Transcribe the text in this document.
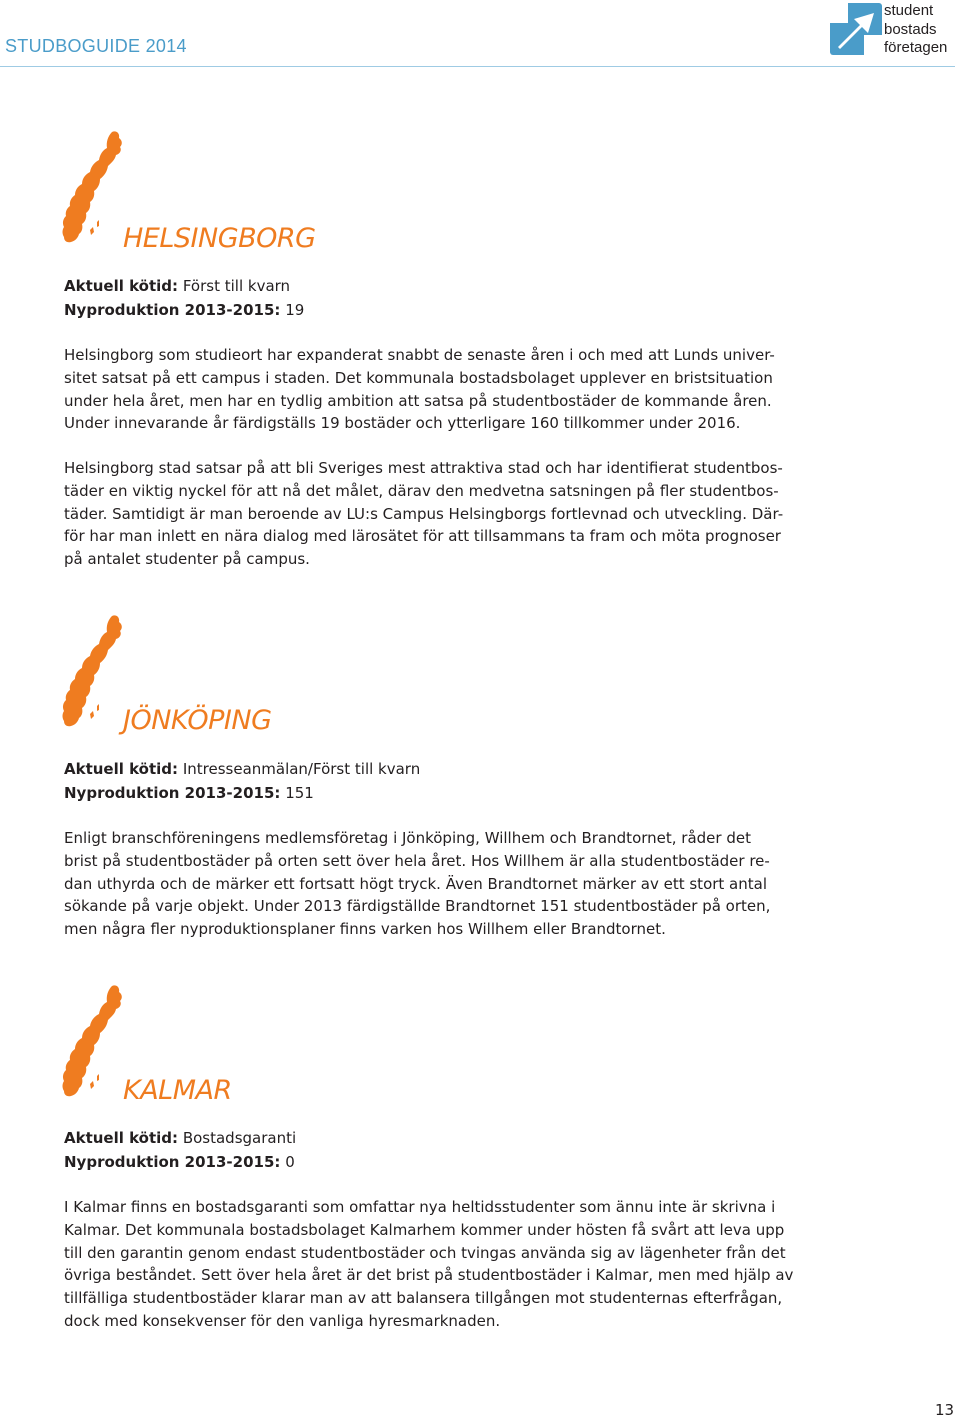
STUDBOGUIDE 2014
student
bostads
företagen
HELSINGBORG
Aktuell kötid: Först till kvarn
Nyproduktion 2013-2015: 19

Helsingborg som studieort har expanderat snabbt de senaste åren i och med att Lunds univer-
sitet satsat på ett campus i staden. Det kommunala bostadsbolaget upplever en bristsituation
under hela året, men har en tydlig ambition att satsa på studentbostäder de kommande åren.
Under innevarande år färdigställs 19 bostäder och ytterligare 160 tillkommer under 2016.

Helsingborg stad satsar på att bli Sveriges mest attraktiva stad och har identifierat studentbos-
täder en viktig nyckel för att nå det målet, därav den medvetna satsningen på fler studentbos-
täder. Samtidigt är man beroende av LU:s Campus Helsingborgs fortlevnad och utveckling. Där-
för har man inlett en nära dialog med lärosätet för att tillsammans ta fram och möta prognoser
på antalet studenter på campus.

JÖNKÖPING
Aktuell kötid: Intresseanmälan/Först till kvarn
Nyproduktion 2013-2015: 151

Enligt branschföreningens medlemsföretag i Jönköping, Willhem och Brandtornet, råder det
brist på studentbostäder på orten sett över hela året. Hos Willhem är alla studentbostäder re-
dan uthyrda och de märker ett fortsatt högt tryck. Även Brandtornet märker av ett stort antal
sökande på varje objekt. Under 2013 färdigställde Brandtornet 151 studentbostäder på orten,
men några fler nyproduktionsplaner finns varken hos Willhem eller Brandtornet.

KALMAR
Aktuell kötid: Bostadsgaranti
Nyproduktion 2013-2015: 0

I Kalmar finns en bostadsgaranti som omfattar nya heltidsstudenter som ännu inte är skrivna i
Kalmar. Det kommunala bostadsbolaget Kalmarhem kommer under hösten få svårt att leva upp
till den garantin genom endast studentbostäder och tvingas använda sig av lägenheter från det
övriga beståndet. Sett över hela året är det brist på studentbostäder i Kalmar, men med hjälp av
tillfälliga studentbostäder klarar man av att balansera tillgången mot studenternas efterfrågan,
dock med konsekvenser för den vanliga hyresmarknaden.

13
